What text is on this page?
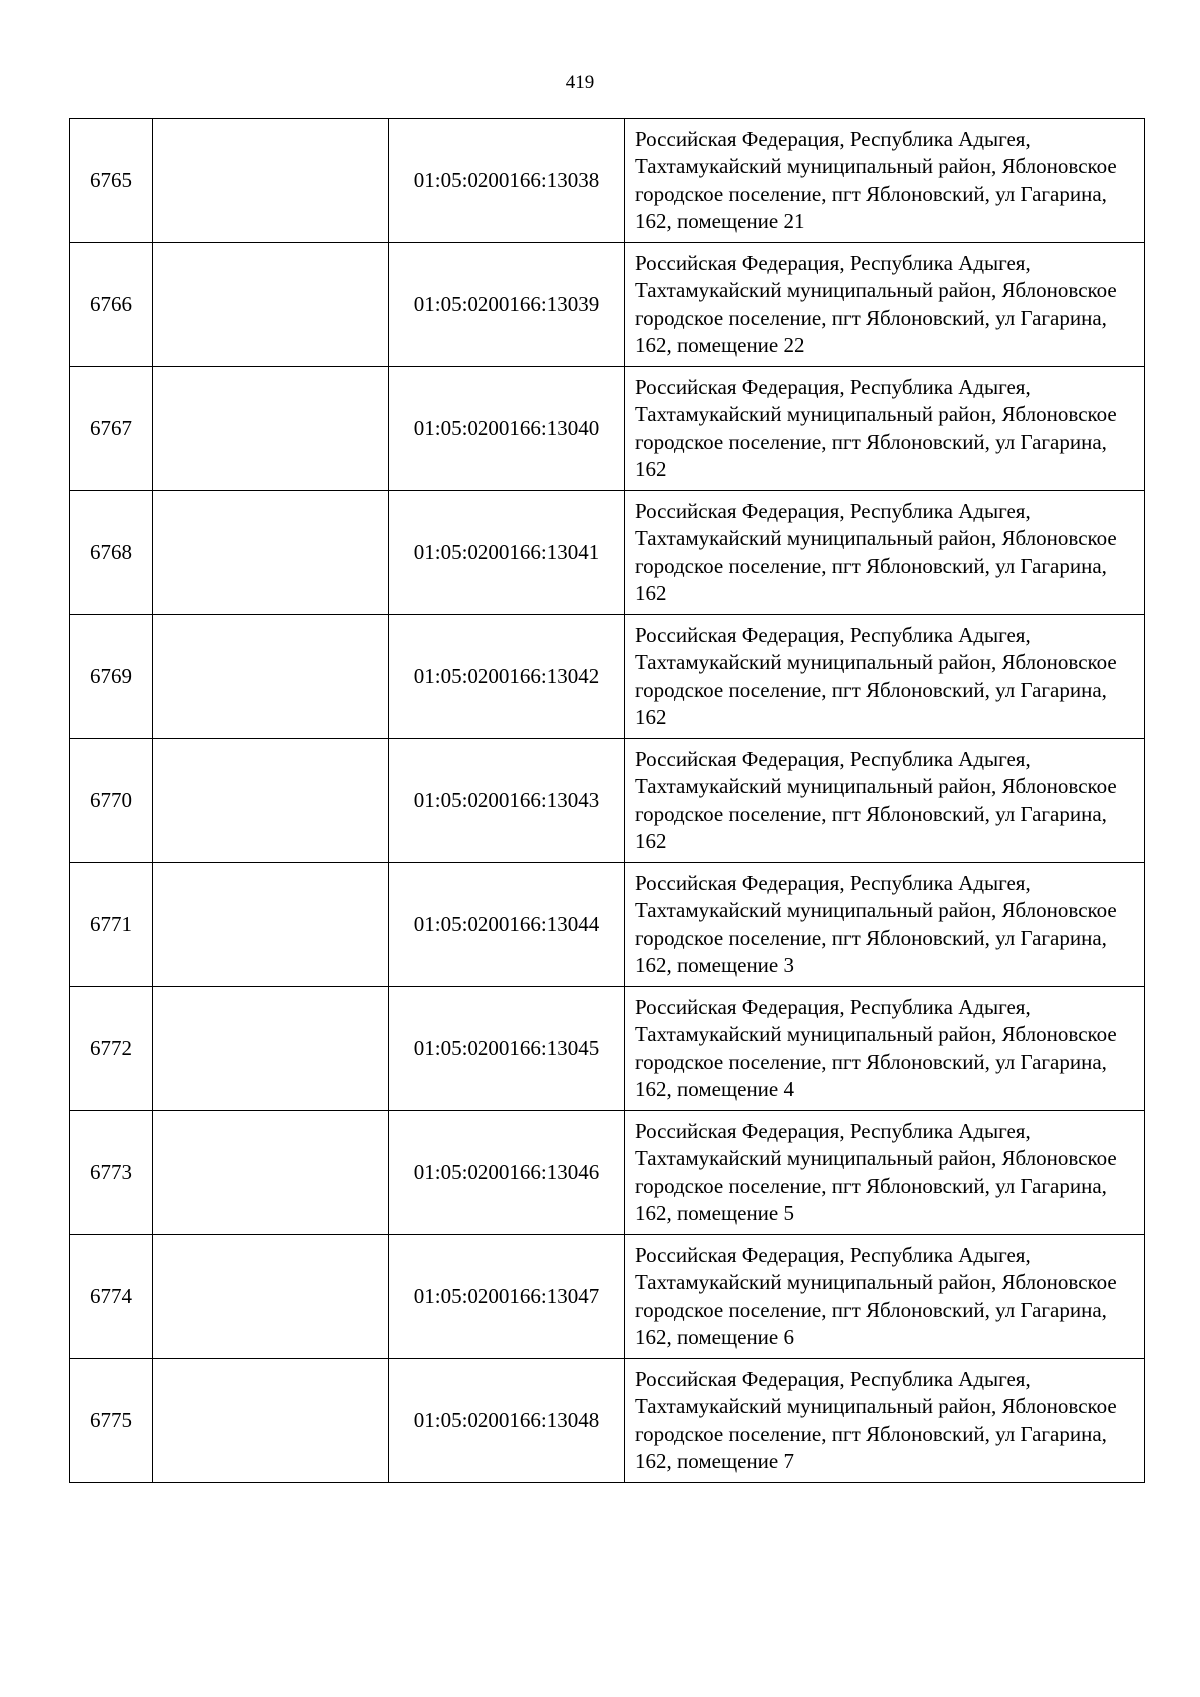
419
6765		01:05:0200166:13038	Российская Федерация, Республика Адыгея, Тахтамукайский муниципальный район, Яблоновское городское поселение, пгт Яблоновский, ул Гагарина, 162, помещение 21
6766		01:05:0200166:13039	Российская Федерация, Республика Адыгея, Тахтамукайский муниципальный район, Яблоновское городское поселение, пгт Яблоновский, ул Гагарина, 162, помещение 22
6767		01:05:0200166:13040	Российская Федерация, Республика Адыгея, Тахтамукайский муниципальный район, Яблоновское городское поселение, пгт Яблоновский, ул Гагарина, 162
6768		01:05:0200166:13041	Российская Федерация, Республика Адыгея, Тахтамукайский муниципальный район, Яблоновское городское поселение, пгт Яблоновский, ул Гагарина, 162
6769		01:05:0200166:13042	Российская Федерация, Республика Адыгея, Тахтамукайский муниципальный район, Яблоновское городское поселение, пгт Яблоновский, ул Гагарина, 162
6770		01:05:0200166:13043	Российская Федерация, Республика Адыгея, Тахтамукайский муниципальный район, Яблоновское городское поселение, пгт Яблоновский, ул Гагарина, 162
6771		01:05:0200166:13044	Российская Федерация, Республика Адыгея, Тахтамукайский муниципальный район, Яблоновское городское поселение, пгт Яблоновский, ул Гагарина, 162, помещение 3
6772		01:05:0200166:13045	Российская Федерация, Республика Адыгея, Тахтамукайский муниципальный район, Яблоновское городское поселение, пгт Яблоновский, ул Гагарина, 162, помещение 4
6773		01:05:0200166:13046	Российская Федерация, Республика Адыгея, Тахтамукайский муниципальный район, Яблоновское городское поселение, пгт Яблоновский, ул Гагарина, 162, помещение 5
6774		01:05:0200166:13047	Российская Федерация, Республика Адыгея, Тахтамукайский муниципальный район, Яблоновское городское поселение, пгт Яблоновский, ул Гагарина, 162, помещение 6
6775		01:05:0200166:13048	Российская Федерация, Республика Адыгея, Тахтамукайский муниципальный район, Яблоновское городское поселение, пгт Яблоновский, ул Гагарина, 162, помещение 7
